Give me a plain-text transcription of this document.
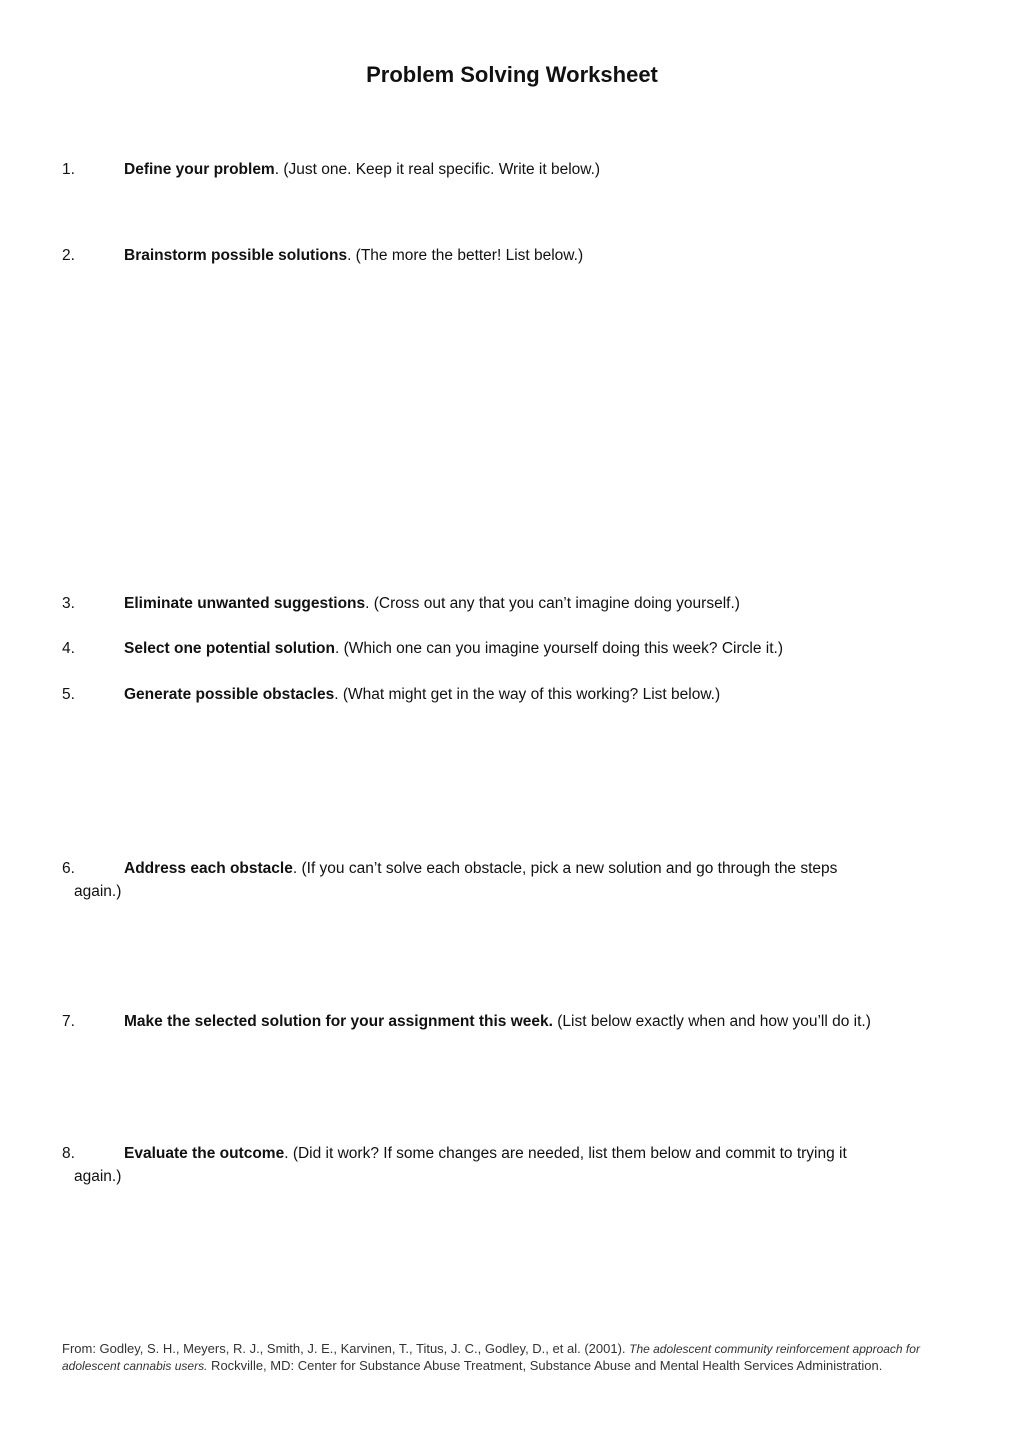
Problem Solving Worksheet

1.	Define your problem. (Just one. Keep it real specific. Write it below.)

2.	Brainstorm possible solutions. (The more the better! List below.)

3.	Eliminate unwanted suggestions. (Cross out any that you can’t imagine doing yourself.)

4.	Select one potential solution. (Which one can you imagine yourself doing this week? Circle it.)

5.	Generate possible obstacles. (What might get in the way of this working? List below.)

6.	Address each obstacle. (If you can’t solve each obstacle, pick a new solution and go through the steps
again.)

7.	Make the selected solution for your assignment this week. (List below exactly when and how you’ll do it.)

8.	Evaluate the outcome. (Did it work? If some changes are needed, list them below and commit to trying it
again.)

From: Godley, S. H., Meyers, R. J., Smith, J. E., Karvinen, T., Titus, J. C., Godley, D., et al. (2001). The adolescent community reinforcement approach for adolescent cannabis users. Rockville, MD: Center for Substance Abuse Treatment, Substance Abuse and Mental Health Services Administration.
